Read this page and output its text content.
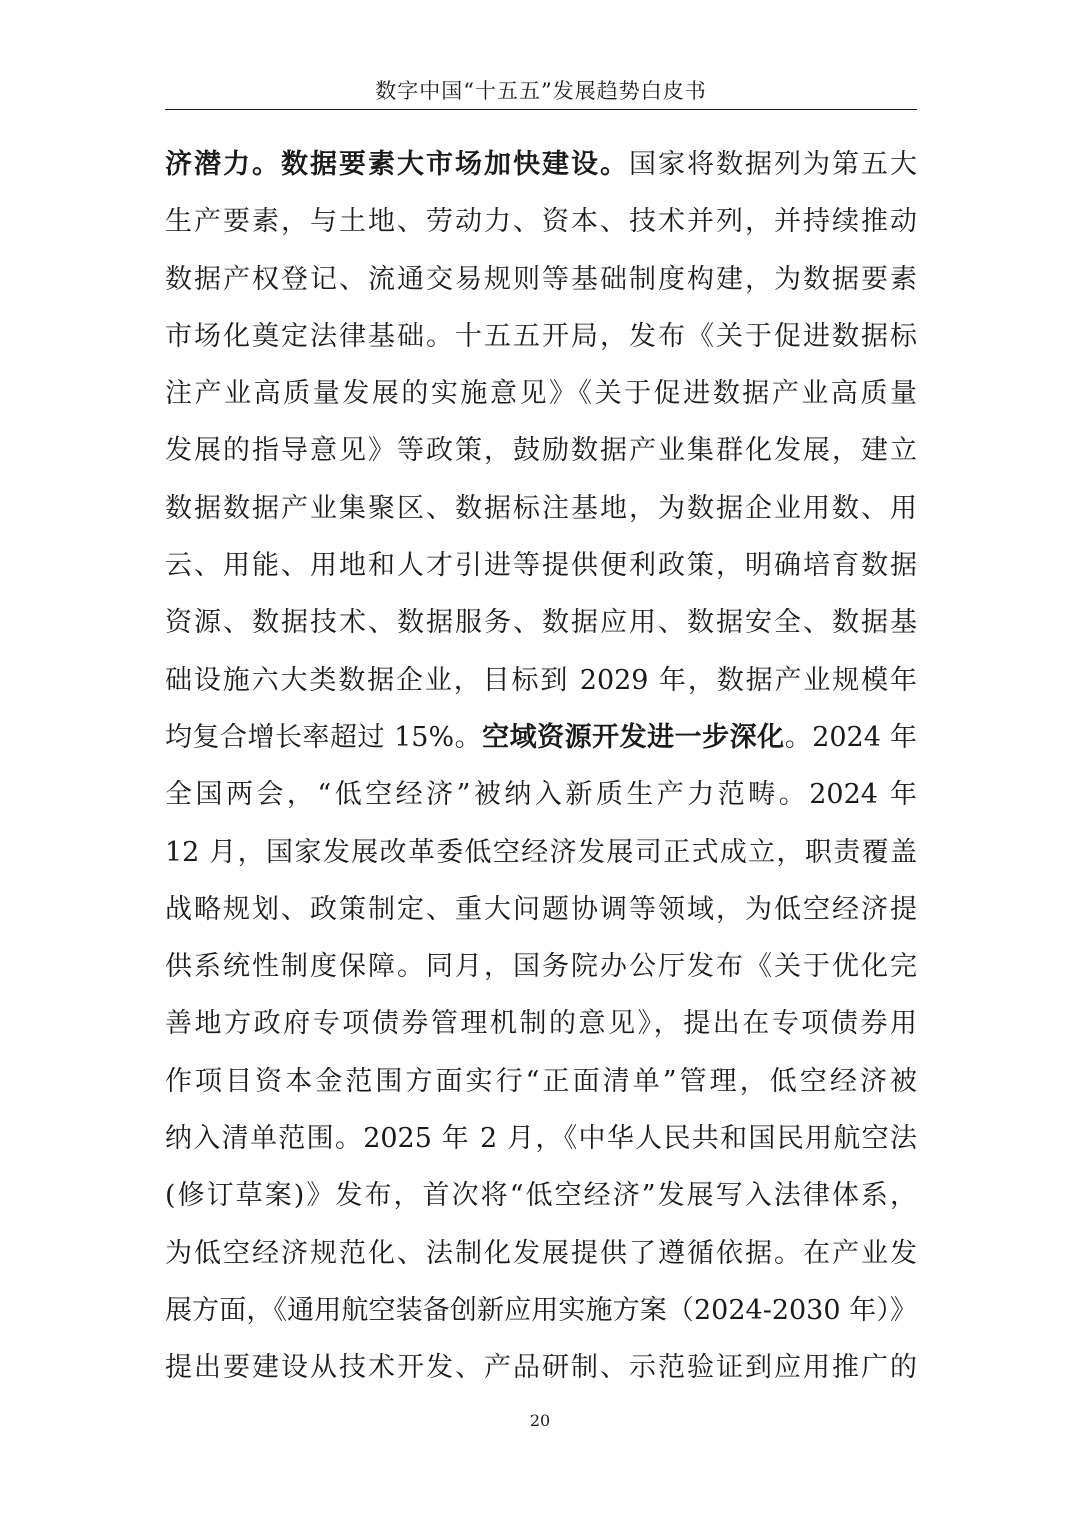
数字中国“十五五”发展趋势白皮书
济潜力。数据要素大市场加快建设。国家将数据列为第五大
生产要素，与土地、劳动力、资本、技术并列，并持续推动
数据产权登记、流通交易规则等基础制度构建，为数据要素
市场化奠定法律基础。十五五开局，发布《关于促进数据标
注产业高质量发展的实施意见》《关于促进数据产业高质量
发展的指导意见》等政策，鼓励数据产业集群化发展，建立
数据数据产业集聚区、数据标注基地，为数据企业用数、用
云、用能、用地和人才引进等提供便利政策，明确培育数据
资源、数据技术、数据服务、数据应用、数据安全、数据基
础设施六大类数据企业，目标到 2029 年，数据产业规模年
均复合增长率超过 15%。空域资源开发进一步深化。2024 年
全国两会，“低空经济”被纳入新质生产力范畴。2024 年
12 月，国家发展改革委低空经济发展司正式成立，职责覆盖
战略规划、政策制定、重大问题协调等领域，为低空经济提
供系统性制度保障。同月，国务院办公厅发布《关于优化完
善地方政府专项债券管理机制的意见》，提出在专项债券用
作项目资本金范围方面实行“正面清单”管理，低空经济被
纳入清单范围。2025 年 2 月，《中华人民共和国民用航空法
(修订草案)》发布，首次将“低空经济”发展写入法律体系，
为低空经济规范化、法制化发展提供了遵循依据。在产业发
展方面，《通用航空装备创新应用实施方案（2024-2030 年）》
提出要建设从技术开发、产品研制、示范验证到应用推广的
20
